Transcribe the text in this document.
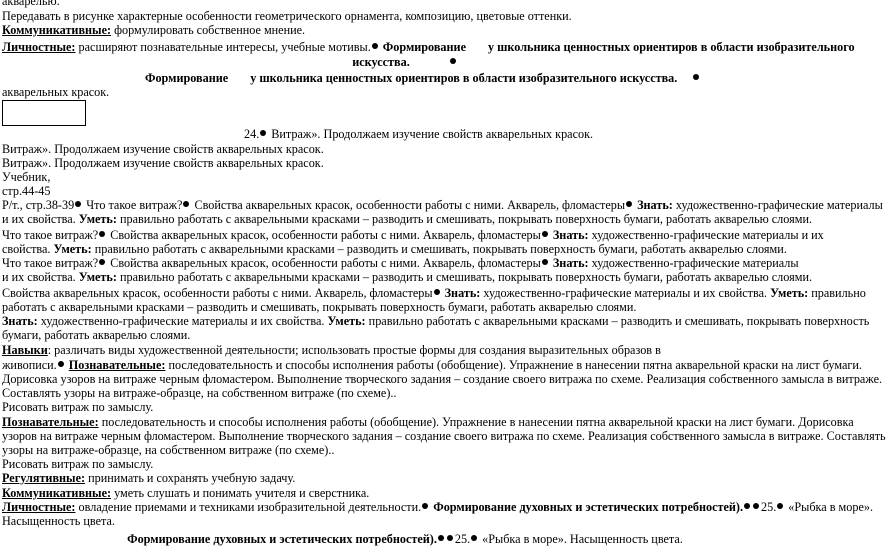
акварелью.
Передавать в рисунке характерные особенности геометрического орнамента, композицию, цветовые оттенки.
Коммуникативные: формулировать собственное мнение.
Личностные: расширяют познавательные интересы, учебные мотивы. Формирование у школьника ценностных ориентиров в области изобразительного
искусства.
Формирование у школьника ценностных ориентиров в области изобразительного искусства.
акварельных красок.
24. Витраж». Продолжаем изучение свойств акварельных красок.
Витраж». Продолжаем изучение свойств акварельных красок.
Витраж». Продолжаем изучение свойств акварельных красок.
Учебник,
стр.44-45
Р/т., стр.38-39 Что такое витраж? Свойства акварельных красок, особенности работы с ними. Акварель, фломастеры Знать: художественно-графические материалы
и их свойства. Уметь: правильно работать с акварельными красками – разводить и смешивать, покрывать поверхность бумаги, работать акварелью слоями.
Что такое витраж? Свойства акварельных красок, особенности работы с ними. Акварель, фломастеры Знать: художественно-графические материалы и их
свойства. Уметь: правильно работать с акварельными красками – разводить и смешивать, покрывать поверхность бумаги, работать акварелью слоями.
Что такое витраж? Свойства акварельных красок, особенности работы с ними. Акварель, фломастеры Знать: художественно-графические материалы
и их свойства. Уметь: правильно работать с акварельными красками – разводить и смешивать, покрывать поверхность бумаги, работать акварелью слоями.
Свойства акварельных красок, особенности работы с ними. Акварель, фломастеры Знать: художественно-графические материалы и их свойства. Уметь: правильно
работать с акварельными красками – разводить и смешивать, покрывать поверхность бумаги, работать акварелью слоями.
Знать: художественно-графические материалы и их свойства. Уметь: правильно работать с акварельными красками – разводить и смешивать, покрывать поверхность
бумаги, работать акварелью слоями.
Навыки: различать виды художественной деятельности; использовать простые формы для создания выразительных образов в
живописи. Познавательные: последовательность и способы исполнения работы (обобщение). Упражнение в нанесении пятна акварельной краски на лист бумаги.
Дорисовка узоров на витраже черным фломастером. Выполнение творческого задания – создание своего витража по схеме. Реализация собственного замысла в витраже.
Составлять узоры на витраже-образце, на собственном витраже (по схеме)..
Рисовать витраж по замыслу.
Познавательные: последовательность и способы исполнения работы (обобщение). Упражнение в нанесении пятна акварельной краски на лист бумаги. Дорисовка
узоров на витраже черным фломастером. Выполнение творческого задания – создание своего витража по схеме. Реализация собственного замысла в витраже. Составлять
узоры на витраже-образце, на собственном витраже (по схеме)..
Рисовать витраж по замыслу.
Регулятивные: принимать и сохранять учебную задачу.
Коммуникативные: уметь слушать и понимать учителя и сверстника.
Личностные: овладение приемами и техниками изобразительной деятельности. Формирование духовных и эстетических потребностей). 25. «Рыбка в море».
Насыщенность цвета.
Формирование духовных и эстетических потребностей). 25. «Рыбка в море». Насыщенность цвета.
